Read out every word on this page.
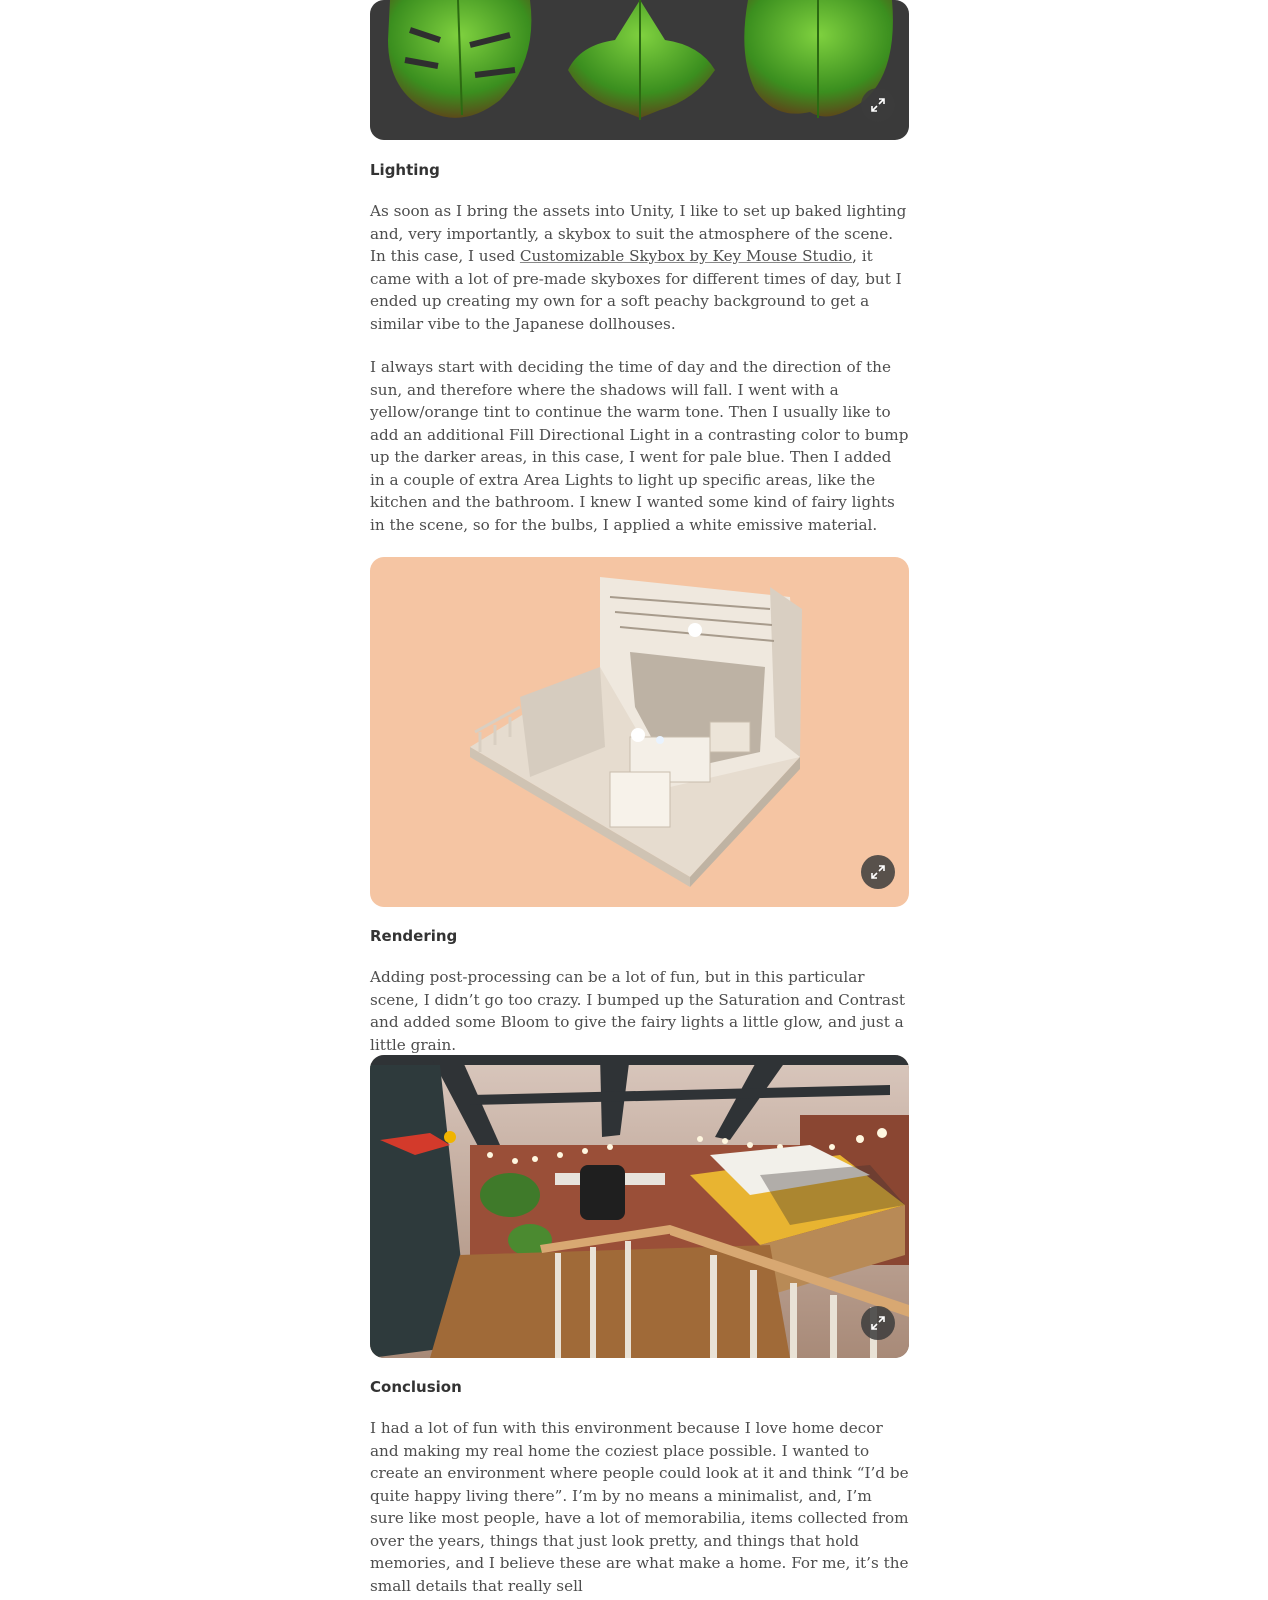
Lighting

As soon as I bring the assets into Unity, I like to set up baked lighting and, very importantly, a skybox to suit the atmosphere of the scene. In this case, I used Customizable Skybox by Key Mouse Studio, it came with a lot of pre-made skyboxes for different times of day, but I ended up creating my own for a soft peachy background to get a similar vibe to the Japanese dollhouses.

I always start with deciding the time of day and the direction of the sun, and therefore where the shadows will fall. I went with a yellow/orange tint to continue the warm tone. Then I usually like to add an additional Fill Directional Light in a contrasting color to bump up the darker areas, in this case, I went for pale blue. Then I added in a couple of extra Area Lights to light up specific areas, like the kitchen and the bathroom. I knew I wanted some kind of fairy lights in the scene, so for the bulbs, I applied a white emissive material.

Rendering

Adding post-processing can be a lot of fun, but in this particular scene, I didn’t go too crazy. I bumped up the Saturation and Contrast and added some Bloom to give the fairy lights a little glow, and just a little grain.

Conclusion

I had a lot of fun with this environment because I love home decor and making my real home the coziest place possible. I wanted to create an environment where people could look at it and think “I’d be quite happy living there”. I’m by no means a minimalist, and, I’m sure like most people, have a lot of memorabilia, items collected from over the years, things that just look pretty, and things that hold memories, and I believe these are what make a home. For me, it’s the small details that really sell
